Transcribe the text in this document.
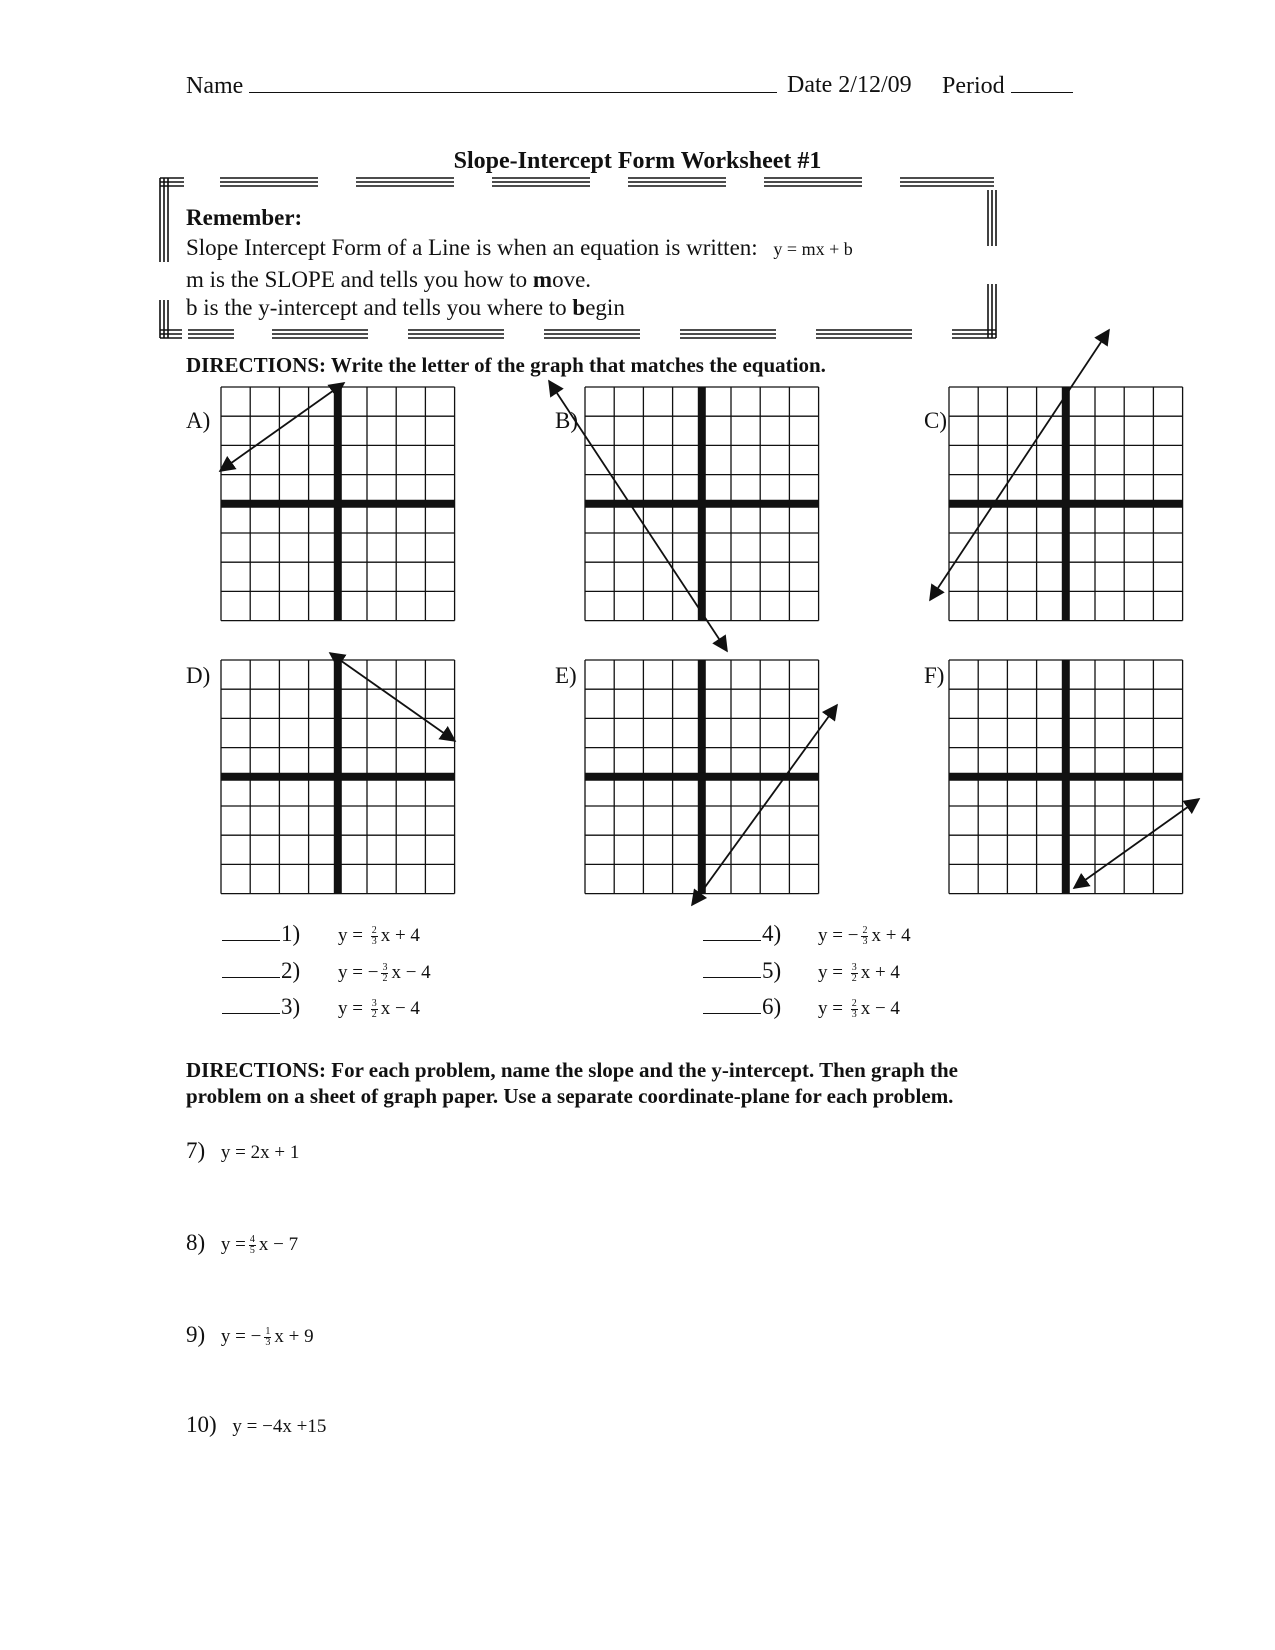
Name	Date 2/12/09 Period
Slope-Intercept Form Worksheet #1
Remember:
Slope Intercept Form of a Line is when an equation is written: y = mx + b
m is the SLOPE and tells you how to move.
b is the y-intercept and tells you where to begin
DIRECTIONS: Write the letter of the graph that matches the equation.
A)	B)	C)
D)	E)	F)
1) $y = \frac{2}{3}$ x + 4
2) y = − $\frac{3}{2}$ x − 4
3) $y = \frac{3}{2}$ x − 4
4) y = − $\frac{2}{3}$ x + 4
5) $y = \frac{3}{2}$ x + 4
6) $y = \frac{2}{3}$ x − 4
DIRECTIONS: For each problem, name the slope and the y-intercept. Then graph the
problem on a sheet of graph paper. Use a separate coordinate-plane for each problem.
7) y = 2x + 1
8) $y = \frac{4}{5}$ x − 7
9) y = − $\frac{1}{3}$ x + 9
10) y = −4x +15
